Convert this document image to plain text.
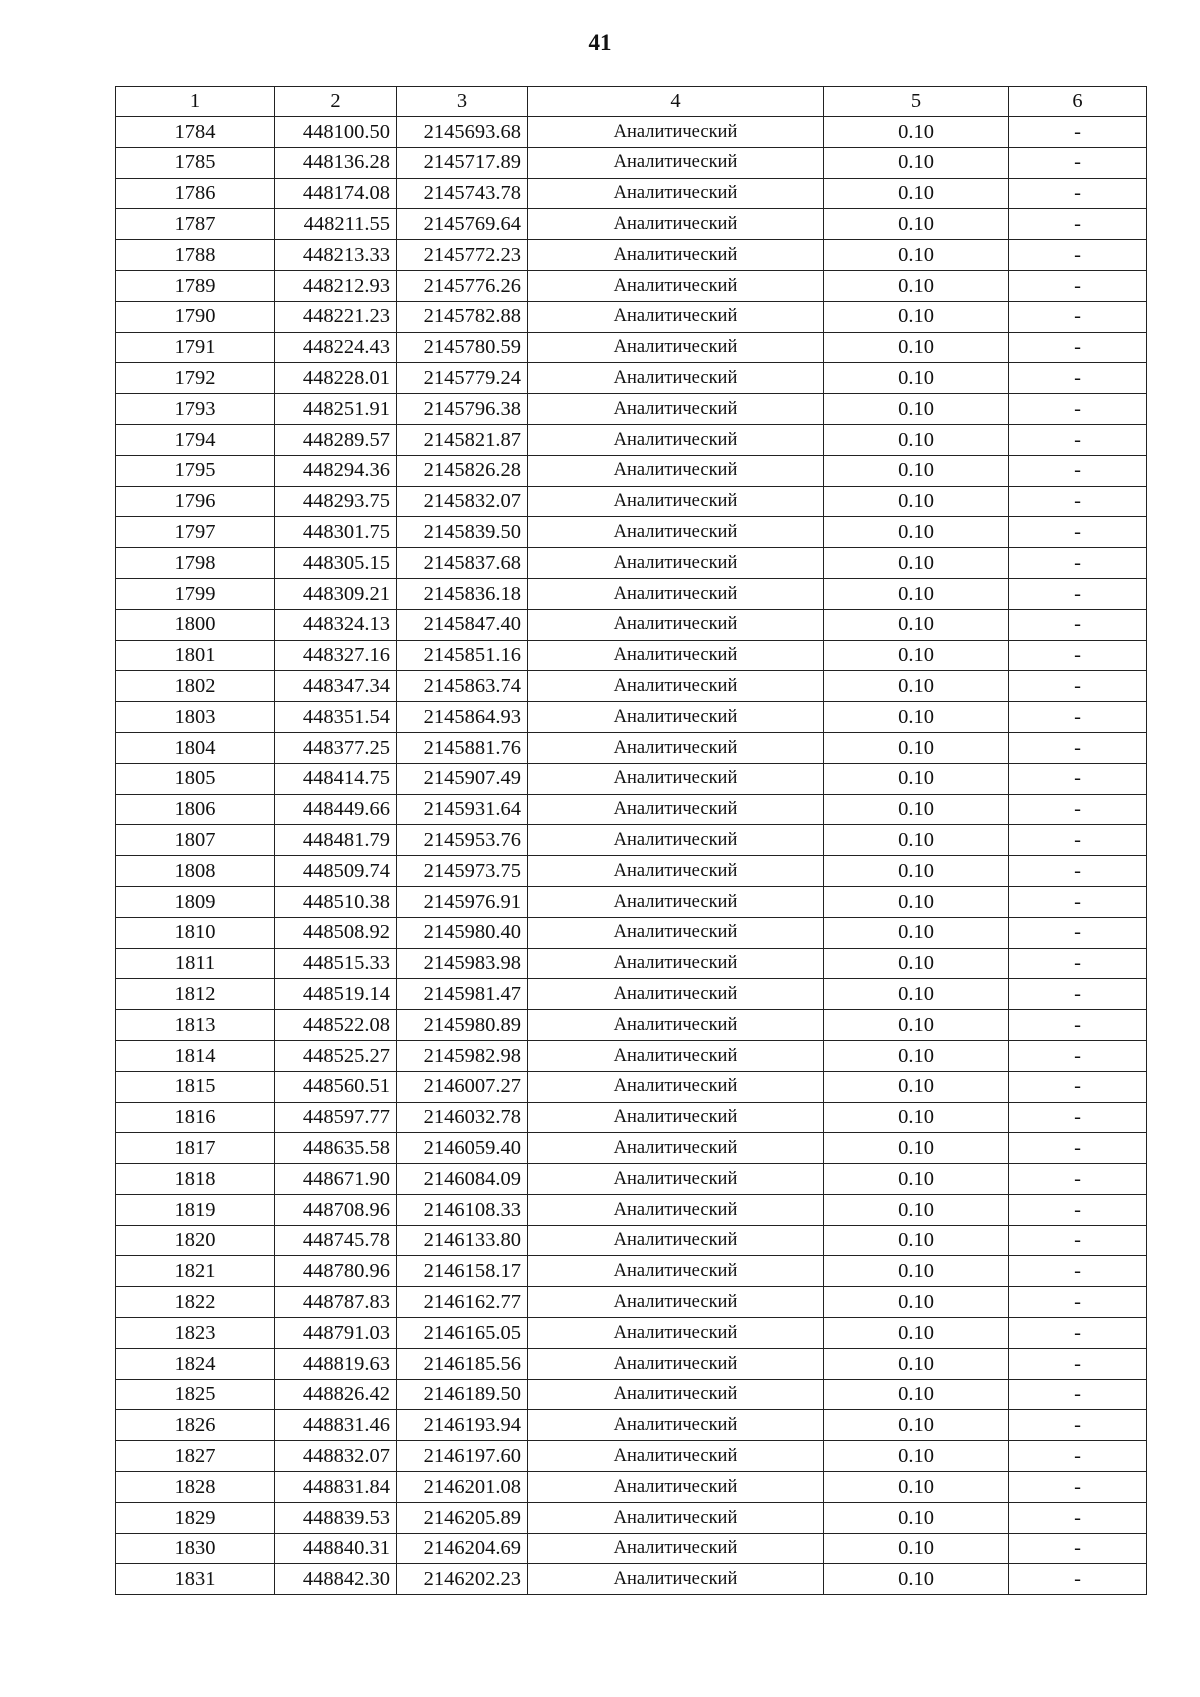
41
1	2	3	4	5	6
1784	448100.50	2145693.68	Аналитический	0.10	-
1785	448136.28	2145717.89	Аналитический	0.10	-
1786	448174.08	2145743.78	Аналитический	0.10	-
1787	448211.55	2145769.64	Аналитический	0.10	-
1788	448213.33	2145772.23	Аналитический	0.10	-
1789	448212.93	2145776.26	Аналитический	0.10	-
1790	448221.23	2145782.88	Аналитический	0.10	-
1791	448224.43	2145780.59	Аналитический	0.10	-
1792	448228.01	2145779.24	Аналитический	0.10	-
1793	448251.91	2145796.38	Аналитический	0.10	-
1794	448289.57	2145821.87	Аналитический	0.10	-
1795	448294.36	2145826.28	Аналитический	0.10	-
1796	448293.75	2145832.07	Аналитический	0.10	-
1797	448301.75	2145839.50	Аналитический	0.10	-
1798	448305.15	2145837.68	Аналитический	0.10	-
1799	448309.21	2145836.18	Аналитический	0.10	-
1800	448324.13	2145847.40	Аналитический	0.10	-
1801	448327.16	2145851.16	Аналитический	0.10	-
1802	448347.34	2145863.74	Аналитический	0.10	-
1803	448351.54	2145864.93	Аналитический	0.10	-
1804	448377.25	2145881.76	Аналитический	0.10	-
1805	448414.75	2145907.49	Аналитический	0.10	-
1806	448449.66	2145931.64	Аналитический	0.10	-
1807	448481.79	2145953.76	Аналитический	0.10	-
1808	448509.74	2145973.75	Аналитический	0.10	-
1809	448510.38	2145976.91	Аналитический	0.10	-
1810	448508.92	2145980.40	Аналитический	0.10	-
1811	448515.33	2145983.98	Аналитический	0.10	-
1812	448519.14	2145981.47	Аналитический	0.10	-
1813	448522.08	2145980.89	Аналитический	0.10	-
1814	448525.27	2145982.98	Аналитический	0.10	-
1815	448560.51	2146007.27	Аналитический	0.10	-
1816	448597.77	2146032.78	Аналитический	0.10	-
1817	448635.58	2146059.40	Аналитический	0.10	-
1818	448671.90	2146084.09	Аналитический	0.10	-
1819	448708.96	2146108.33	Аналитический	0.10	-
1820	448745.78	2146133.80	Аналитический	0.10	-
1821	448780.96	2146158.17	Аналитический	0.10	-
1822	448787.83	2146162.77	Аналитический	0.10	-
1823	448791.03	2146165.05	Аналитический	0.10	-
1824	448819.63	2146185.56	Аналитический	0.10	-
1825	448826.42	2146189.50	Аналитический	0.10	-
1826	448831.46	2146193.94	Аналитический	0.10	-
1827	448832.07	2146197.60	Аналитический	0.10	-
1828	448831.84	2146201.08	Аналитический	0.10	-
1829	448839.53	2146205.89	Аналитический	0.10	-
1830	448840.31	2146204.69	Аналитический	0.10	-
1831	448842.30	2146202.23	Аналитический	0.10	-
